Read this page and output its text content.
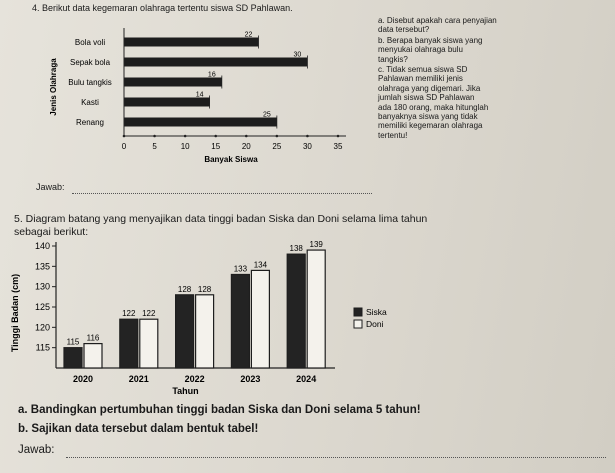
4. Berikut data kegemaran olahraga tertentu siswa SD Pahlawan.
Bola voli
22
Sepak bola
30
Bulu tangkis
16
Kasti
14
Renang
25
0	5	10	15	20	25	30	35
Banyak Siswa
Jenis Olahraga
a. Disebut apakah cara penyajian
data tersebut?
b. Berapa banyak siswa yang
menyukai olahraga bulu
tangkis?
c. Tidak semua siswa SD
Pahlawan memiliki jenis
olahraga yang digemari. Jika
jumlah siswa SD Pahlawan
ada 180 orang, maka hitunglah
banyaknya siswa yang tidak
memiliki kegemaran olahraga
tertentu!
Jawab:
5. Diagram batang yang menyajikan data tinggi badan Siska dan Doni selama lima tahun
sebagai berikut:
115
120
125
130
135
140
115 116
2020
122 122
2021
128 128
2022
133 134
2023
138 139
2024
Tahun
Tinggi Badan (cm)	Siska
Doni
a. Bandingkan pertumbuhan tinggi badan Siska dan Doni selama 5 tahun!
b. Sajikan data tersebut dalam bentuk tabel!
Jawab:
